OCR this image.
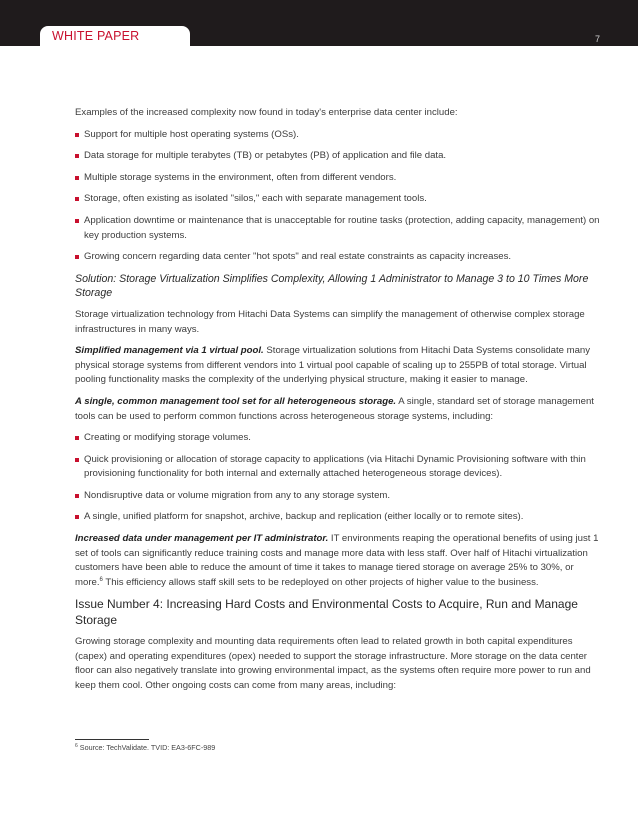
WHITE PAPER	7

Examples of the increased complexity now found in today's enterprise data center include:

Support for multiple host operating systems (OSs).
Data storage for multiple terabytes (TB) or petabytes (PB) of application and file data.
Multiple storage systems in the environment, often from different vendors.
Storage, often existing as isolated "silos," each with separate management tools.
Application downtime or maintenance that is unacceptable for routine tasks (protection, adding capacity, management) on key production systems.
Growing concern regarding data center "hot spots" and real estate constraints as capacity increases.

Solution: Storage Virtualization Simplifies Complexity, Allowing 1 Administrator to Manage 3 to 10 Times More Storage

Storage virtualization technology from Hitachi Data Systems can simplify the management of otherwise complex storage infrastructures in many ways.

Simplified management via 1 virtual pool. Storage virtualization solutions from Hitachi Data Systems consolidate many physical storage systems from different vendors into 1 virtual pool capable of scaling up to 255PB of total storage. Virtual pooling functionality masks the complexity of the underlying physical structure, making it easier to manage.

A single, common management tool set for all heterogeneous storage. A single, standard set of storage management tools can be used to perform common functions across heterogeneous storage systems, including:

Creating or modifying storage volumes.
Quick provisioning or allocation of storage capacity to applications (via Hitachi Dynamic Provisioning software with thin provisioning functionality for both internal and externally attached heterogeneous storage devices).
Nondisruptive data or volume migration from any to any storage system.
A single, unified platform for snapshot, archive, backup and replication (either locally or to remote sites).

Increased data under management per IT administrator. IT environments reaping the operational benefits of using just 1 set of tools can significantly reduce training costs and manage more data with less staff. Over half of Hitachi virtualization customers have been able to reduce the amount of time it takes to manage tiered storage on average 25% to 30%, or more.$^6$ This efficiency allows staff skill sets to be redeployed on other projects of higher value to the business.

Issue Number 4: Increasing Hard Costs and Environmental Costs to Acquire, Run and Manage Storage

Growing storage complexity and mounting data requirements often lead to related growth in both capital expenditures (capex) and operating expenditures (opex) needed to support the storage infrastructure. More storage on the data center floor can also negatively translate into growing environmental impact, as the systems often require more power to run and keep them cool. Other ongoing costs can come from many areas, including:

$^6$ Source: TechValidate. TVID: EA3-6FC-989
